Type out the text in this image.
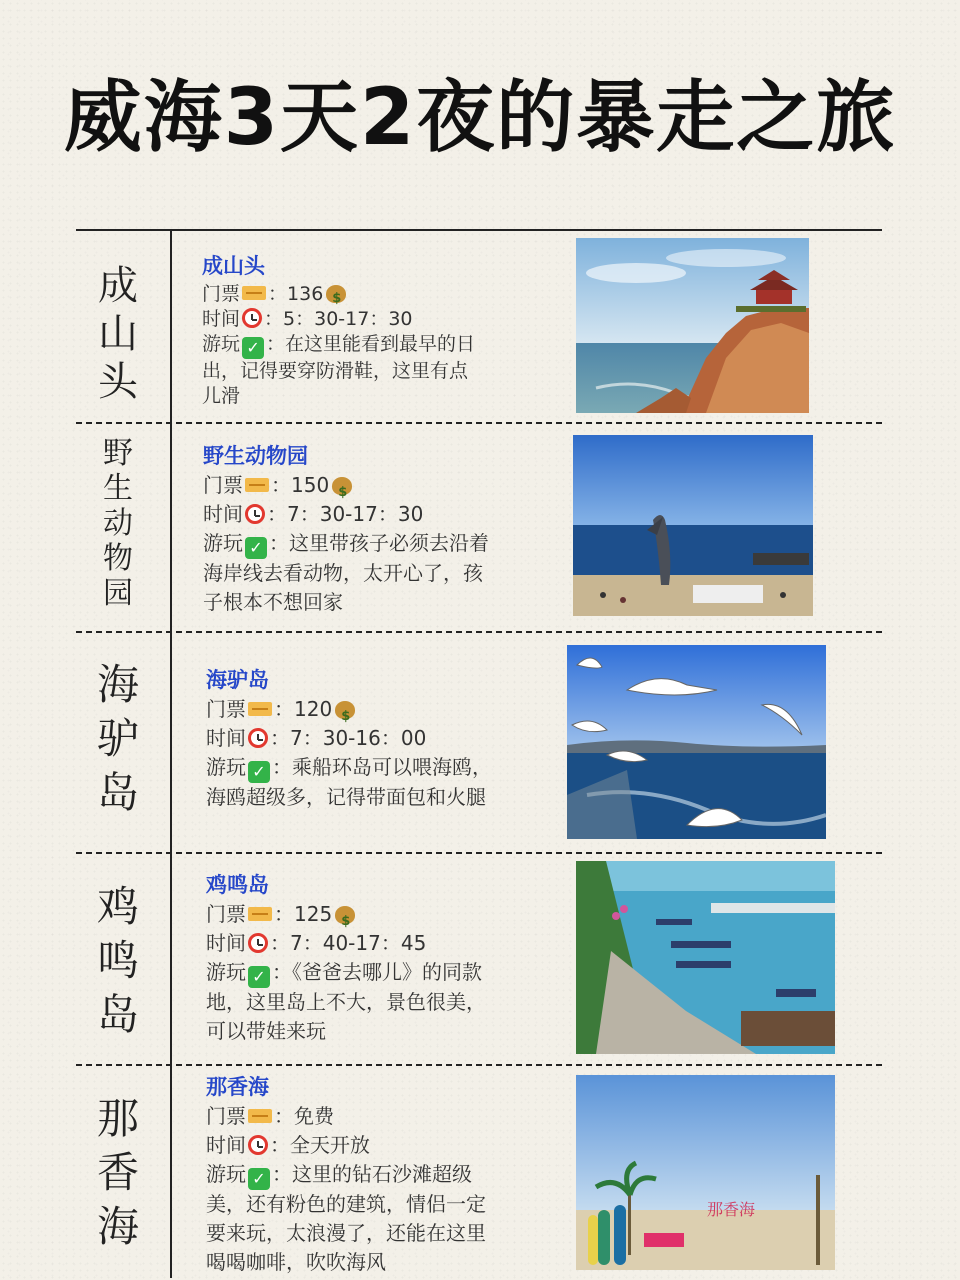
威海3天2夜的暴走之旅
成
山
头
野
生
动
物
园
海
驴
岛
鸡
鸣
岛
那
香
海
成山头
门票 ：136$
时间 ：5：30-17：30
游玩 ✓ ：在这里能看到最早的日
出，记得要穿防滑鞋，这里有点
儿滑
野生动物园
门票 ：150$
时间 ：7：30-17：30
游玩 ✓ ：这里带孩子必须去沿着
海岸线去看动物，太开心了，孩
子根本不想回家
海驴岛
门票 ：120$
时间 ：7：30-16：00
游玩 ✓ ：乘船环岛可以喂海鸥，
海鸥超级多，记得带面包和火腿
鸡鸣岛
门票 ：125$
时间 ：7：40-17：45
游玩 ✓ ：《爸爸去哪儿》的同款
地，这里岛上不大，景色很美，
可以带娃来玩
那香海
门票 ：免费
时间 ：全天开放
游玩 ✓ ：这里的钻石沙滩超级
美，还有粉色的建筑，情侣一定
要来玩，太浪漫了，还能在这里
喝喝咖啡，吹吹海风
那香海
